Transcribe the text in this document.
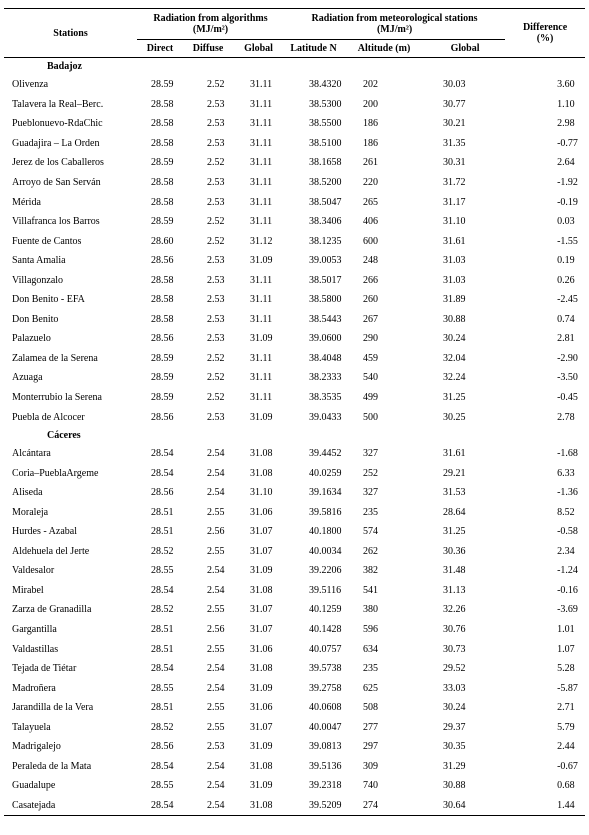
Stations	Radiation from algorithms
(MJ/m²)			Radiation from meteorological stations
(MJ/m²)			Difference
(%)
	Direct	Diffuse	Global	Latitude N	Altitude (m)	Global	
Badajoz							
Olivenza	28.59	2.52	31.11	38.4320	202	30.03	3.60
Talavera la Real–Berc.	28.58	2.53	31.11	38.5300	200	30.77	1.10
Pueblonuevo-RdaChic	28.58	2.53	31.11	38.5500	186	30.21	2.98
Guadajira – La Orden	28.58	2.53	31.11	38.5100	186	31.35	-0.77
Jerez de los Caballeros	28.59	2.52	31.11	38.1658	261	30.31	2.64
Arroyo de San Serván	28.58	2.53	31.11	38.5200	220	31.72	-1.92
Mérida	28.58	2.53	31.11	38.5047	265	31.17	-0.19
Villafranca los Barros	28.59	2.52	31.11	38.3406	406	31.10	0.03
Fuente de Cantos	28.60	2.52	31.12	38.1235	600	31.61	-1.55
Santa Amalia	28.56	2.53	31.09	39.0053	248	31.03	0.19
Villagonzalo	28.58	2.53	31.11	38.5017	266	31.03	0.26
Don Benito - EFA	28.58	2.53	31.11	38.5800	260	31.89	-2.45
Don Benito	28.58	2.53	31.11	38.5443	267	30.88	0.74
Palazuelo	28.56	2.53	31.09	39.0600	290	30.24	2.81
Zalamea de la Serena	28.59	2.52	31.11	38.4048	459	32.04	-2.90
Azuaga	28.59	2.52	31.11	38.2333	540	32.24	-3.50
Monterrubio la Serena	28.59	2.52	31.11	38.3535	499	31.25	-0.45
Puebla de Alcocer	28.56	2.53	31.09	39.0433	500	30.25	2.78
Cáceres							
Alcántara	28.54	2.54	31.08	39.4452	327	31.61	-1.68
Coria–PueblaArgeme	28.54	2.54	31.08	40.0259	252	29.21	6.33
Aliseda	28.56	2.54	31.10	39.1634	327	31.53	-1.36
Moraleja	28.51	2.55	31.06	39.5816	235	28.64	8.52
Hurdes - Azabal	28.51	2.56	31.07	40.1800	574	31.25	-0.58
Aldehuela del Jerte	28.52	2.55	31.07	40.0034	262	30.36	2.34
Valdesalor	28.55	2.54	31.09	39.2206	382	31.48	-1.24
Mirabel	28.54	2.54	31.08	39.5116	541	31.13	-0.16
Zarza de Granadilla	28.52	2.55	31.07	40.1259	380	32.26	-3.69
Gargantilla	28.51	2.56	31.07	40.1428	596	30.76	1.01
Valdastillas	28.51	2.55	31.06	40.0757	634	30.73	1.07
Tejada de Tiétar	28.54	2.54	31.08	39.5738	235	29.52	5.28
Madroñera	28.55	2.54	31.09	39.2758	625	33.03	-5.87
Jarandilla de la Vera	28.51	2.55	31.06	40.0608	508	30.24	2.71
Talayuela	28.52	2.55	31.07	40.0047	277	29.37	5.79
Madrigalejo	28.56	2.53	31.09	39.0813	297	30.35	2.44
Peraleda de la Mata	28.54	2.54	31.08	39.5136	309	31.29	-0.67
Guadalupe	28.55	2.54	31.09	39.2318	740	30.88	0.68
Casatejada	28.54	2.54	31.08	39.5209	274	30.64	1.44
